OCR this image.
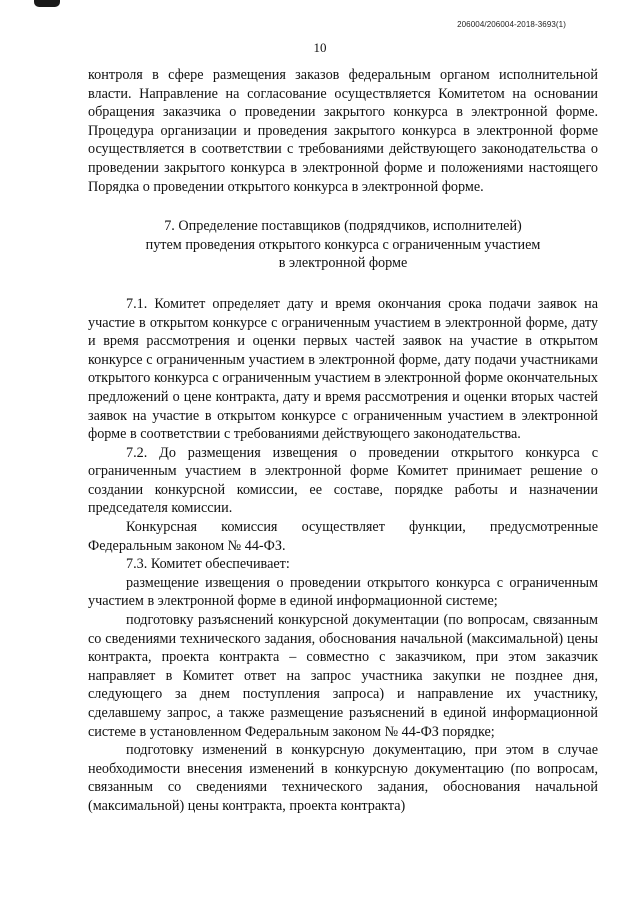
206004/206004-2018-3693(1)
10

контроля в сфере размещения заказов федеральным органом исполнительной власти. Направление на согласование осуществляется Комитетом на основании обращения заказчика о проведении закрытого конкурса в электронной форме. Процедура организации и проведения закрытого конкурса в электронной форме осуществляется в соответствии с требованиями действующего законодательства о проведении закрытого конкурса в электронной форме и положениями настоящего Порядка о проведении открытого конкурса в электронной форме.

7. Определение поставщиков (подрядчиков, исполнителей)
путем проведения открытого конкурса с ограниченным участием
в электронной форме

7.1. Комитет определяет дату и время окончания срока подачи заявок на участие в открытом конкурсе с ограниченным участием в электронной форме, дату и время рассмотрения и оценки первых частей заявок на участие в открытом конкурсе с ограниченным участием в электронной форме, дату подачи участниками открытого конкурса с ограниченным участием в электронной форме окончательных предложений о цене контракта, дату и время рассмотрения и оценки вторых частей заявок на участие в открытом конкурсе с ограниченным участием в электронной форме в соответствии с требованиями действующего законодательства.

7.2. До размещения извещения о проведении открытого конкурса с ограниченным участием в электронной форме Комитет принимает решение о создании конкурсной комиссии, ее составе, порядке работы и назначении председателя комиссии.

Конкурсная комиссия осуществляет функции, предусмотренные Федеральным законом № 44-ФЗ.

7.3. Комитет обеспечивает:

размещение извещения о проведении открытого конкурса с ограниченным участием в электронной форме в единой информационной системе;

подготовку разъяснений конкурсной документации (по вопросам, связанным со сведениями технического задания, обоснования начальной (максимальной) цены контракта, проекта контракта – совместно с заказчиком, при этом заказчик направляет в Комитет ответ на запрос участника закупки не позднее дня, следующего за днем поступления запроса) и направление их участнику, сделавшему запрос, а также размещение разъяснений в единой информационной системе в установленном Федеральным законом № 44-ФЗ порядке;

подготовку изменений в конкурсную документацию, при этом в случае необходимости внесения изменений в конкурсную документацию (по вопросам, связанным со сведениями технического задания, обоснования начальной (максимальной) цены контракта, проекта контракта)
